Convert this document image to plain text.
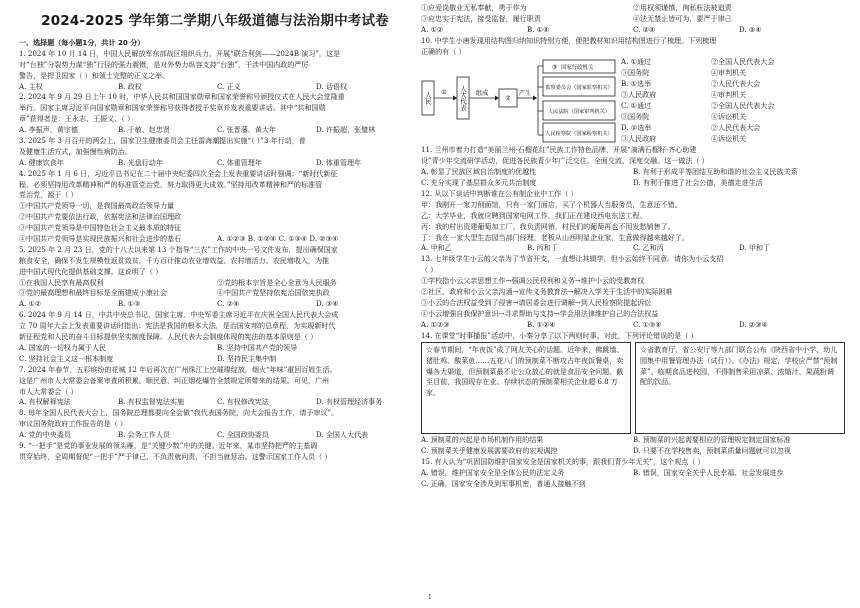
2024-2025 学年第二学期八年级道德与法治期中考试卷
一、选择题（每小题1分，共计 20 分）
1. 2024 年 10 月 14 日，中国人民解放军东部战区组织兵力，开展“联合利剑——2024B 演习”。这是
对“台独”分裂势力谋“独”行径的强力震慑，是对外势力纵容支持“台独”，干涉中国内政的严厉
警告，是捍卫国家（ ）和领土完整的正义之举。
A. 主权	B. 政权	C. 正义	D. 话语权
2. 2024 年 9 月 29 日上午 10 时，中华人民共和国国家勋章和国家荣誉称号颁授仪式在人民大会堂隆重
举行。国家主席习近平向国家勋章和国家荣誉称号获得者授予奖章并发表重要讲话。其中“共和国勋
章”获得者是：王永志、王振义、（ ）
A. 李振声、黄宗德	B. 于敏、赵忠贤	C. 张晋藩、黄大年	D. 许振超、张璧林
3. 2025 年 3 月召开的两会上，国家卫生健康委员会主任雷海潮提出实施“（ ）”3 年行动，普
及健康生活方式，加强慢性病防治。
A. 健康饮食年	B. 光盘行动年	C. 体重管理年	D. 体重管理年
4. 2025 年 1 月 6 日，习近平总书记在二十届中央纪委四次全会上发表重要讲话时强调：“新时代新征
程，必须坚持用改革精神和严的标准管党治党，努力取得更大成效。”坚持用改革精神和严的标准管
党治党，源于（ ）
①中国共产党领导一切，是我国最高政治领导力量
②中国共产党要依法行政，依据宪法和法律治国理政
③中国共产党领导是中国特色社会主义最本质的特征
④中国共产党领导是实现民族振兴和社会进步的基石	A. ①②③ B. ①②④ C. ①③④ D. ②③④
5. 2025 年 2 月 23 日，党的十八大以来第 13 个指导“三农”工作的中央一号文件发布，提出确保国家
粮食安全，确保不发生规模性返贫致贫，千方百计推动农业增效益、农村增活力、农民增收入，为推
进中国式现代化提供基础支撑。这说明了（ ）
①在我国人民享有最高权利	②党的根本宗旨是全心全意为人民服务
③党的最高理想和最终目标是全面建成小康社会	④中国共产党坚持依宪治国依宪执政
A. ①②	B. ①③	C. ②④	D. ③④
6. 2024 年 9 月 14 日，中共中央总书记、国家主席、中央军委主席习近平在庆祝全国人民代表大会成
立 70 周年大会上发表重要讲话时指出：宪法是我国的根本大法，是治国安邦的总章程，为实现新时代
新征程党和人民的奋斗目标提供坚实制度保障。人民代表大会制度体现的宪法的基本原则是（ ）
A. 国家的一切权力属于人民	B. 坚持中国共产党的领导
C. 坚持社会主义这一根本制度	D. 坚持民主集中制
7. 2024 年春节，五彩缤纷的花城 12 年后再次在广州珠江上空璀璨绽放，烟火“年味”重回百姓生活。
这是广州市人大常委会备案审查所积累。顺民意，纠正烟花爆竹全禁规定所带来的结果。可见，广州
市人大常委会（ ）
A. 有权解释宪法	B. 有权监督宪法实施	C. 有权修改宪法	D. 有权管理经济事务
8. 每年全国人民代表大会上，国务院总理都要向全会做“我代表国务院，向大会报告工作，请予审议”。
审议国务院政府工作报告的是（ ）
A. 党的中央委员	B. 会务工作人员	C. 全国政协委员	D. 全国人大代表
9. “一把手”是党的事业发展的领头雁，是“关键少数”中的关键。近年来，某市坚持把严的主基调
贯穿始终，全周期督促“一把手”严于律己，不负责就问责，不担当就惩治。这警示国家工作人员（ ）
①应爱岗敬业无私奉献，勇于作为	②用权须谨慎，徇私枉法被追责
③应忠实于宪法，接受监督，履行职责	④法无禁止皆可为，要严于律己
A. ①②	B. ①④	C. ②④	D. ③④
10. 中学生小唐发现用结构图归纳知识特别方便，便把教材知识用结构图进行了梳理。下列梳理
正确的有（ ）
人民 ① 人大代表 组成
②
产生
③ 国家行政机关
监察委员会（国家监察机关）
人民法院（国家审判机关）
人民检察院（国家检察机关）
A. ①通过	②全国人民代表大会
③国务院	④审判机关
B. ①选举	②人民代表大会
③人民政府	④审判机关
C. ①通过	②全国人民代表大会
③国务院	④诉讼机关
D. ①选举	②人民代表大会
③人民政府	④诉讼机关
11. 兰州市着力打造“美丽兰州·石榴花红”民族工作特色品牌，开展“滴满石榴籽·齐心助建
设”青少年交流研学活动，促进各民族青少年广泛交往、全面交流、深度交融。这一做法（ ）
A. 彰显了民族区域自治制度的优越性	B. 有利于形成平等团结互助和谐的社会主义民族关系
C. 充分实现了基层群众多元共治制度	D. 有利于推进了社会公德，美德走进生活
12. 从以下谈话中判断谁在公有制企业中工作（ ）
甲：我刚开一家刀削面馆，只有一家门面店，买了个机器人当服务员，生意还不错。
乙：大学毕业，我就应聘到国家电网工作，我们正在建设西电东送工程。
丙：我的村出资建葡萄加工厂，我负责网销，村民们的葡萄再也不用发愁销售了。
丁：我在一家大型生态园当部门经理，老板从山西明星企业家，生意做得越来越好了。
A. 甲和乙	B. 丙和丁	C. 乙和丙	D. 甲和丁
13. 七年级学生小云的父亲为了节省开支，一直想让其辍学，但小云始终不同意。请你为小云支招
（ ）
①学校指小云父亲思想工作→强调公民权利和义务→维护小云的受教育权
②社区、政府和小云父亲沟通→宣传义务教育法→解决入学关于生活中的实际困难
③小云的合法权益受到了侵害→请居委会进行调解→到人民检察院提起诉讼
④小云增强自我保护意识→寻求帮助与支持→学会用法律维护自己的合法权益
A. ①②③	B. ①②④	C. ①③④	D. ②③④
14. 在课堂“时事播报”活动中，小秦分享了以下两则时事。对此，下列评论错误的是（ ）
☆春节期间，“年夜饭”成了网友关心的话题。近年来，佛跳墙、猪肚鸡、酸菜鱼……五花八门的预制菜不断攻占年夜饭餐桌，卖爆各大渠道，但预制菜最不让公众放心的就是食品安全问题。截至目前，我国现存在业、存续状态的预制菜相关企业超 6.8 万家。
☆省教育厅、省公安厅等九部门联合公布《陕西省中小学、幼儿园集中用餐管理办法（试行）》。《办法》规定，学校应严禁“预制菜”、临期食品进校园，不得制售采用凉菜、浓缩汁、果蔬粉调配的饮品。
A. 预制菜的兴起是市场机制作用的结果	B. 预制菜的兴起需要相应的管理规定制定国家标准
C. 预制菜关乎健康发展需要政府的宏观调控	D. 只要不在学校售卖，预制菜质量问题就可以忽视
15. 有人认为“巩固国防维护国家安全是国家机关的事，跟我们青少年无关”，这个观点（ ）
A. 错误，维护国家安全是全体公民的法定义务	B. 错误，国家安全关乎人民幸福、社会发展进步
C. 正确，国家安全涉及到军事机密，普通人接触不到
1
